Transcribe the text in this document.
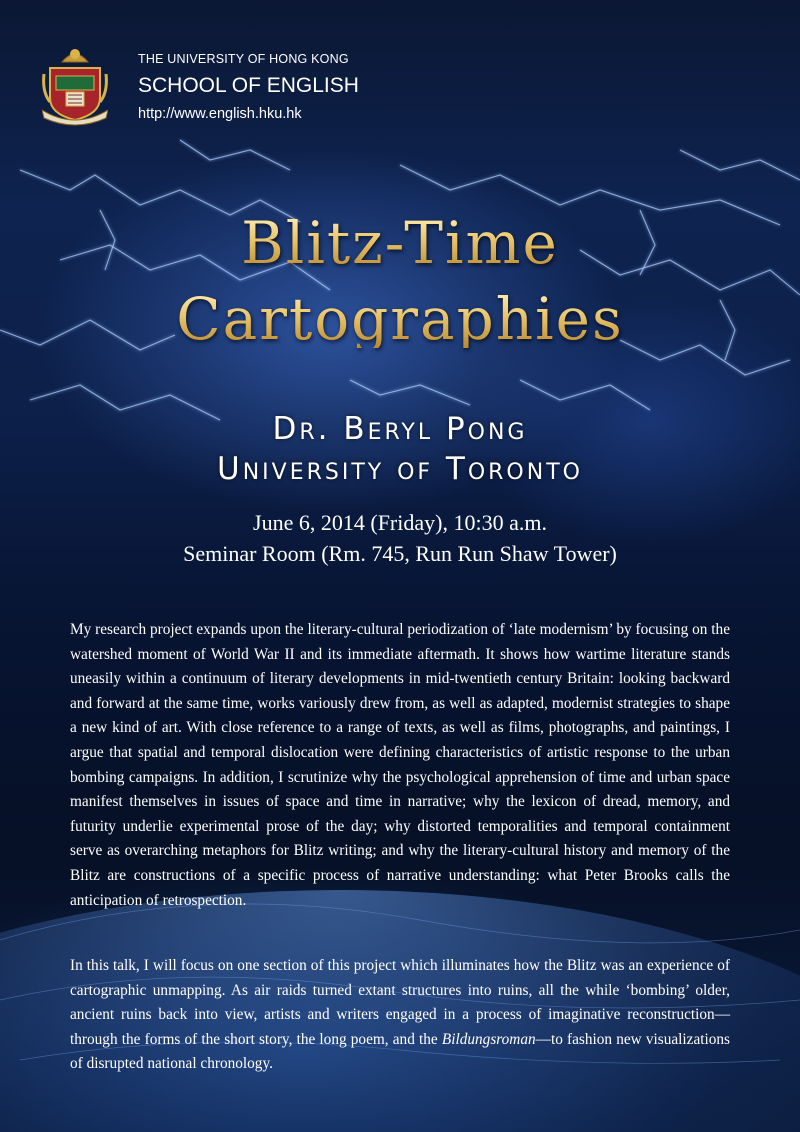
THE UNIVERSITY OF HONG KONG
SCHOOL OF ENGLISH
http://www.english.hku.hk
Blitz-Time
Cartographies
Dr. Beryl Pong
University of Toronto
June 6, 2014 (Friday), 10:30 a.m.
Seminar Room (Rm. 745, Run Run Shaw Tower)

My research project expands upon the literary-cultural periodization of ‘late modernism’ by focusing on the watershed moment of World War II and its immediate aftermath. It shows how wartime literature stands uneasily within a continuum of literary developments in mid-twentieth century Britain: looking backward and forward at the same time, works variously drew from, as well as adapted, modernist strategies to shape a new kind of art. With close reference to a range of texts, as well as films, photographs, and paintings, I argue that spatial and temporal dislocation were defining characteristics of artistic response to the urban bombing campaigns. In addition, I scrutinize why the psychological apprehension of time and urban space manifest themselves in issues of space and time in narrative; why the lexicon of dread, memory, and futurity underlie experimental prose of the day; why distorted temporalities and temporal containment serve as overarching metaphors for Blitz writing; and why the literary-cultural history and memory of the Blitz are constructions of a specific process of narrative understanding: what Peter Brooks calls the anticipation of retrospection.

In this talk, I will focus on one section of this project which illuminates how the Blitz was an experience of cartographic unmapping. As air raids turned extant structures into ruins, all the while ‘bombing’ older, ancient ruins back into view, artists and writers engaged in a process of imaginative reconstruction—through the forms of the short story, the long poem, and the Bildungsroman—to fashion new visualizations of disrupted national chronology.
